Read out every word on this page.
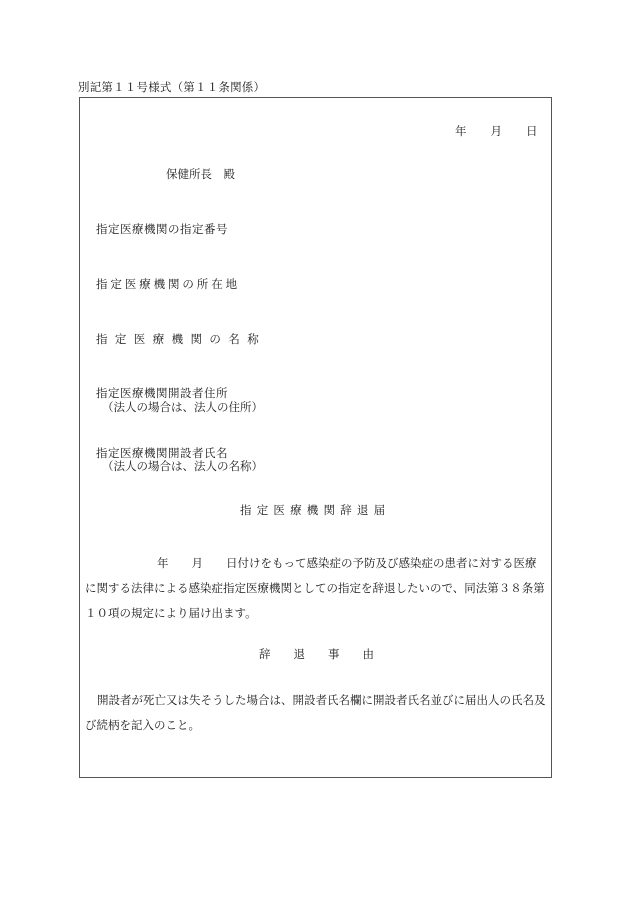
別記第１１号様式（第１１条関係）
年 月 日
保健所長　殿
指定医療機関の指定番号
指定医療機関の所在地
指定医療機関の名称
指定医療機関開設者住所
（法人の場合は、法人の住所）
指定医療機関開設者氏名
（法人の場合は、法人の名称）
指定医療機関辞退届

年　　月　　日付けをもって感染症の予防及び感染症の患者に対する医療

に関する法律による感染症指定医療機関としての指定を辞退したいので、同法第３８条第

１０項の規定により届け出ます。

辞　　退　　事　　由

開設者が死亡又は失そうした場合は、開設者氏名欄に開設者氏名並びに届出人の氏名及

び続柄を記入のこと。
